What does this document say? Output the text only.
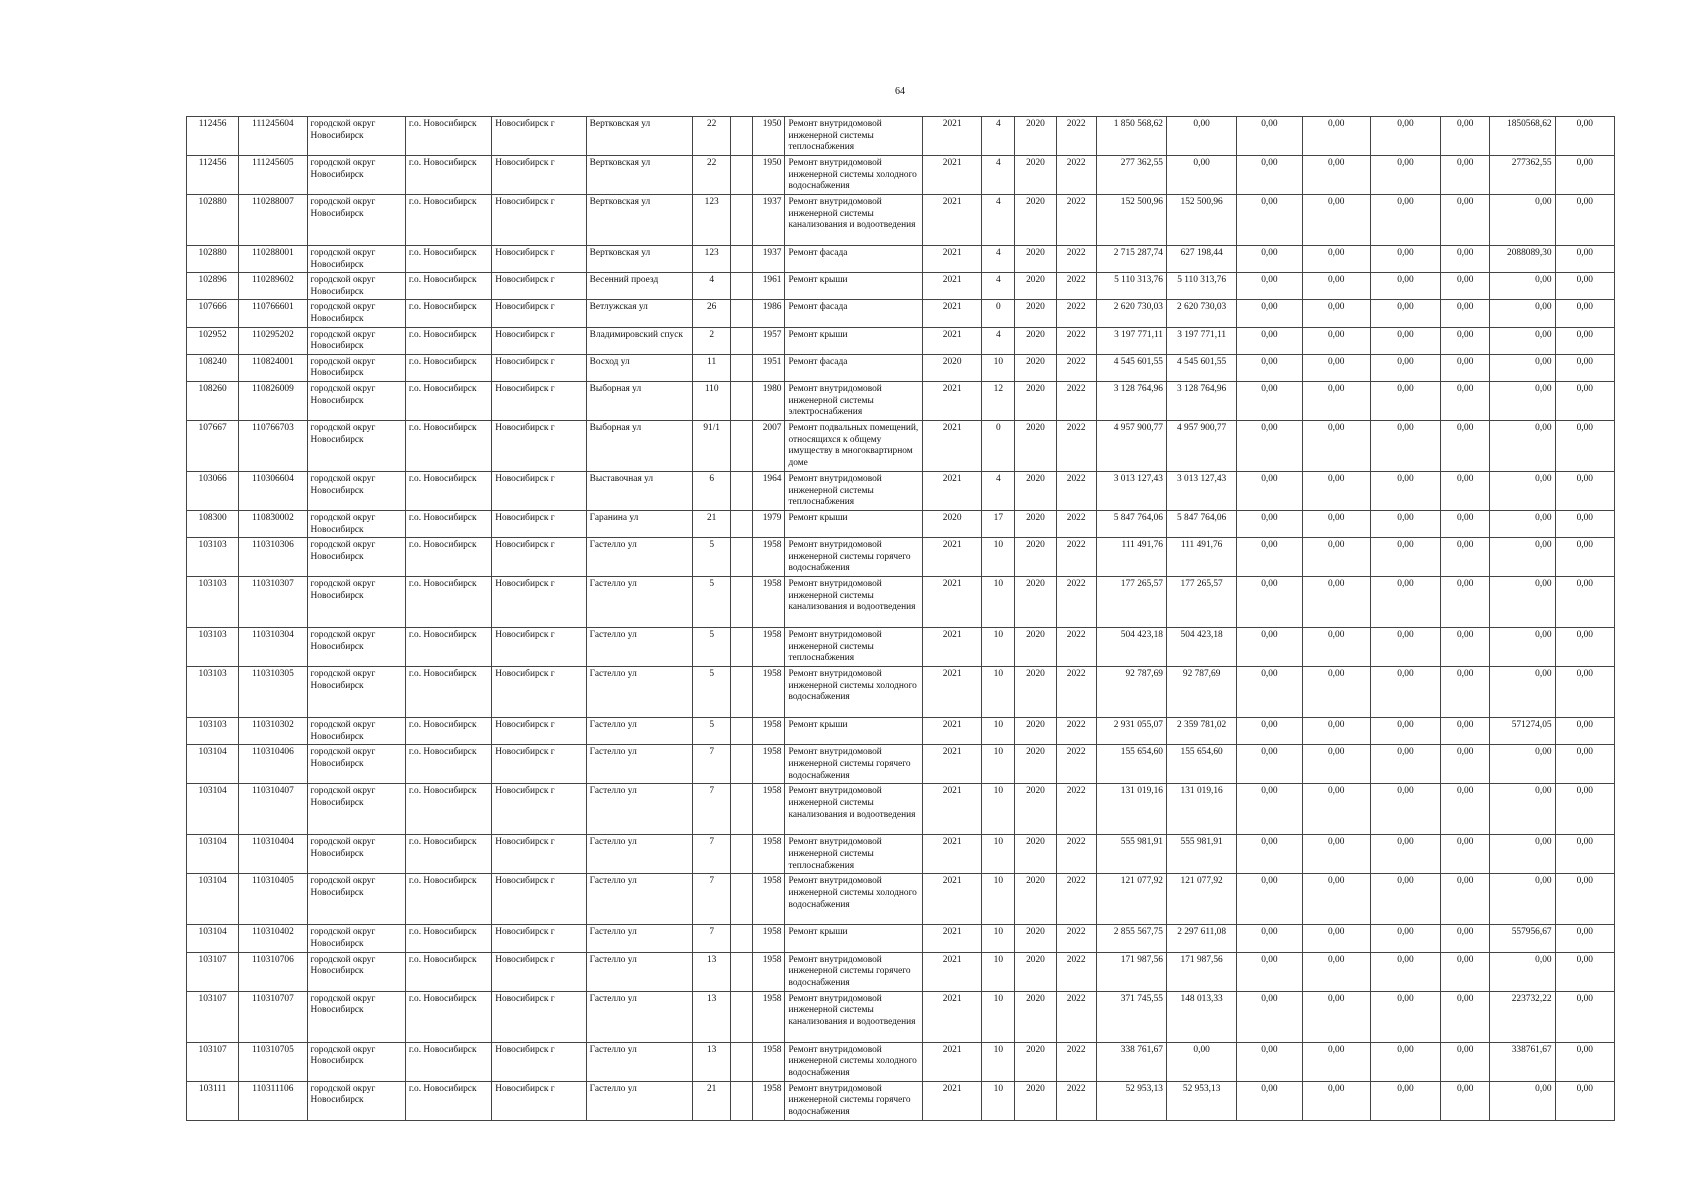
64
112456	111245604	городской округ Новосибирск	г.о. Новосибирск	Новосибирск г	Вертковская ул	22		1950	Ремонт внутридомовой инженерной системы теплоснабжения	2021	4	2020	2022	1 850 568,62	0,00	0,00	0,00	0,00	0,00	1850568,62	0,00
112456	111245605	городской округ Новосибирск	г.о. Новосибирск	Новосибирск г	Вертковская ул	22		1950	Ремонт внутридомовой инженерной системы холодного водоснабжения	2021	4	2020	2022	277 362,55	0,00	0,00	0,00	0,00	0,00	277362,55	0,00
102880	110288007	городской округ Новосибирск	г.о. Новосибирск	Новосибирск г	Вертковская ул	123		1937	Ремонт внутридомовой инженерной системы канализования и водоотведения	2021	4	2020	2022	152 500,96	152 500,96	0,00	0,00	0,00	0,00	0,00	0,00
102880	110288001	городской округ Новосибирск	г.о. Новосибирск	Новосибирск г	Вертковская ул	123		1937	Ремонт фасада	2021	4	2020	2022	2 715 287,74	627 198,44	0,00	0,00	0,00	0,00	2088089,30	0,00
102896	110289602	городской округ Новосибирск	г.о. Новосибирск	Новосибирск г	Весенний проезд	4		1961	Ремонт крыши	2021	4	2020	2022	5 110 313,76	5 110 313,76	0,00	0,00	0,00	0,00	0,00	0,00
107666	110766601	городской округ Новосибирск	г.о. Новосибирск	Новосибирск г	Ветлужская ул	26		1986	Ремонт фасада	2021	0	2020	2022	2 620 730,03	2 620 730,03	0,00	0,00	0,00	0,00	0,00	0,00
102952	110295202	городской округ Новосибирск	г.о. Новосибирск	Новосибирск г	Владимировский спуск	2		1957	Ремонт крыши	2021	4	2020	2022	3 197 771,11	3 197 771,11	0,00	0,00	0,00	0,00	0,00	0,00
108240	110824001	городской округ Новосибирск	г.о. Новосибирск	Новосибирск г	Восход ул	11		1951	Ремонт фасада	2020	10	2020	2022	4 545 601,55	4 545 601,55	0,00	0,00	0,00	0,00	0,00	0,00
108260	110826009	городской округ Новосибирск	г.о. Новосибирск	Новосибирск г	Выборная ул	110		1980	Ремонт внутридомовой инженерной системы электроснабжения	2021	12	2020	2022	3 128 764,96	3 128 764,96	0,00	0,00	0,00	0,00	0,00	0,00
107667	110766703	городской округ Новосибирск	г.о. Новосибирск	Новосибирск г	Выборная ул	91/1		2007	Ремонт подвальных помещений, относящихся к общему имуществу в многоквартирном доме	2021	0	2020	2022	4 957 900,77	4 957 900,77	0,00	0,00	0,00	0,00	0,00	0,00
103066	110306604	городской округ Новосибирск	г.о. Новосибирск	Новосибирск г	Выставочная ул	6		1964	Ремонт внутридомовой инженерной системы теплоснабжения	2021	4	2020	2022	3 013 127,43	3 013 127,43	0,00	0,00	0,00	0,00	0,00	0,00
108300	110830002	городской округ Новосибирск	г.о. Новосибирск	Новосибирск г	Гаранина ул	21		1979	Ремонт крыши	2020	17	2020	2022	5 847 764,06	5 847 764,06	0,00	0,00	0,00	0,00	0,00	0,00
103103	110310306	городской округ Новосибирск	г.о. Новосибирск	Новосибирск г	Гастелло ул	5		1958	Ремонт внутридомовой инженерной системы горячего водоснабжения	2021	10	2020	2022	111 491,76	111 491,76	0,00	0,00	0,00	0,00	0,00	0,00
103103	110310307	городской округ Новосибирск	г.о. Новосибирск	Новосибирск г	Гастелло ул	5		1958	Ремонт внутридомовой инженерной системы канализования и водоотведения	2021	10	2020	2022	177 265,57	177 265,57	0,00	0,00	0,00	0,00	0,00	0,00
103103	110310304	городской округ Новосибирск	г.о. Новосибирск	Новосибирск г	Гастелло ул	5		1958	Ремонт внутридомовой инженерной системы теплоснабжения	2021	10	2020	2022	504 423,18	504 423,18	0,00	0,00	0,00	0,00	0,00	0,00
103103	110310305	городской округ Новосибирск	г.о. Новосибирск	Новосибирск г	Гастелло ул	5		1958	Ремонт внутридомовой инженерной системы холодного водоснабжения	2021	10	2020	2022	92 787,69	92 787,69	0,00	0,00	0,00	0,00	0,00	0,00
103103	110310302	городской округ Новосибирск	г.о. Новосибирск	Новосибирск г	Гастелло ул	5		1958	Ремонт крыши	2021	10	2020	2022	2 931 055,07	2 359 781,02	0,00	0,00	0,00	0,00	571274,05	0,00
103104	110310406	городской округ Новосибирск	г.о. Новосибирск	Новосибирск г	Гастелло ул	7		1958	Ремонт внутридомовой инженерной системы горячего водоснабжения	2021	10	2020	2022	155 654,60	155 654,60	0,00	0,00	0,00	0,00	0,00	0,00
103104	110310407	городской округ Новосибирск	г.о. Новосибирск	Новосибирск г	Гастелло ул	7		1958	Ремонт внутридомовой инженерной системы канализования и водоотведения	2021	10	2020	2022	131 019,16	131 019,16	0,00	0,00	0,00	0,00	0,00	0,00
103104	110310404	городской округ Новосибирск	г.о. Новосибирск	Новосибирск г	Гастелло ул	7		1958	Ремонт внутридомовой инженерной системы теплоснабжения	2021	10	2020	2022	555 981,91	555 981,91	0,00	0,00	0,00	0,00	0,00	0,00
103104	110310405	городской округ Новосибирск	г.о. Новосибирск	Новосибирск г	Гастелло ул	7		1958	Ремонт внутридомовой инженерной системы холодного водоснабжения	2021	10	2020	2022	121 077,92	121 077,92	0,00	0,00	0,00	0,00	0,00	0,00
103104	110310402	городской округ Новосибирск	г.о. Новосибирск	Новосибирск г	Гастелло ул	7		1958	Ремонт крыши	2021	10	2020	2022	2 855 567,75	2 297 611,08	0,00	0,00	0,00	0,00	557956,67	0,00
103107	110310706	городской округ Новосибирск	г.о. Новосибирск	Новосибирск г	Гастелло ул	13		1958	Ремонт внутридомовой инженерной системы горячего водоснабжения	2021	10	2020	2022	171 987,56	171 987,56	0,00	0,00	0,00	0,00	0,00	0,00
103107	110310707	городской округ Новосибирск	г.о. Новосибирск	Новосибирск г	Гастелло ул	13		1958	Ремонт внутридомовой инженерной системы канализования и водоотведения	2021	10	2020	2022	371 745,55	148 013,33	0,00	0,00	0,00	0,00	223732,22	0,00
103107	110310705	городской округ Новосибирск	г.о. Новосибирск	Новосибирск г	Гастелло ул	13		1958	Ремонт внутридомовой инженерной системы холодного водоснабжения	2021	10	2020	2022	338 761,67	0,00	0,00	0,00	0,00	0,00	338761,67	0,00
103111	110311106	городской округ Новосибирск	г.о. Новосибирск	Новосибирск г	Гастелло ул	21		1958	Ремонт внутридомовой инженерной системы горячего водоснабжения	2021	10	2020	2022	52 953,13	52 953,13	0,00	0,00	0,00	0,00	0,00	0,00
